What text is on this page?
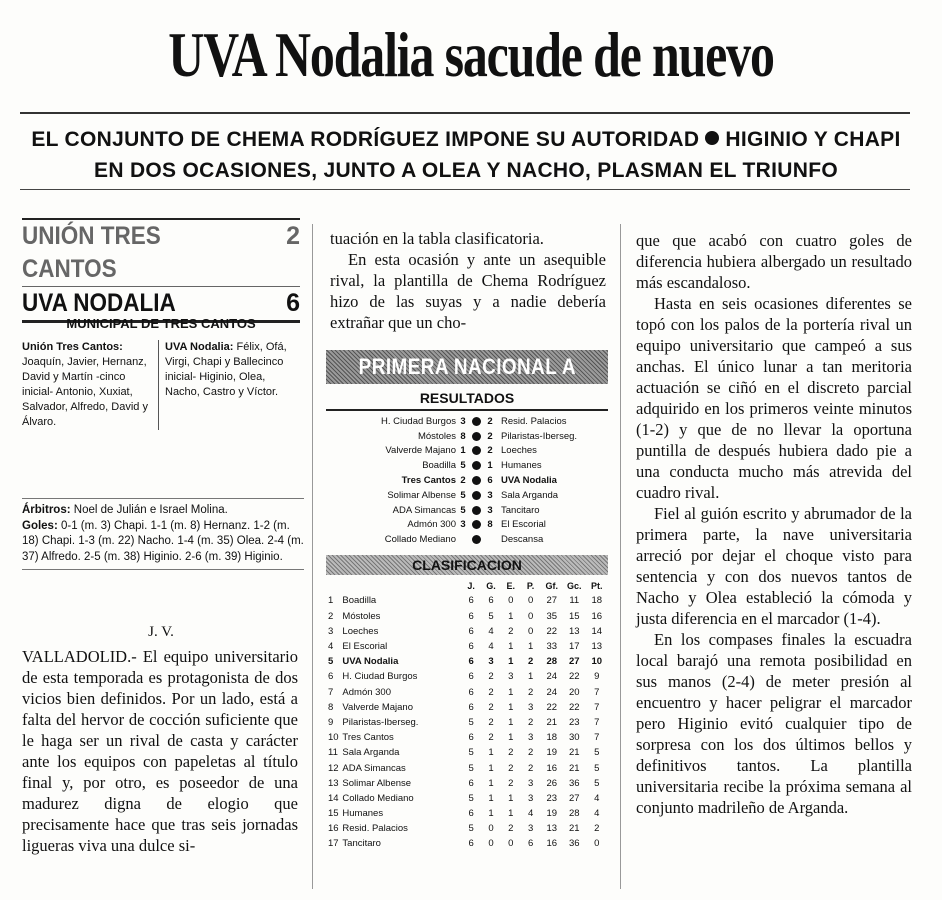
UVA Nodalia sacude de nuevo
EL CONJUNTO DE CHEMA RODRÍGUEZ IMPONE SU AUTORIDAD HIGINIO Y CHAPI EN DOS OCASIONES, JUNTO A OLEA Y NACHO, PLASMAN EL TRIUNFO
UNIÓN TRES CANTOS
2
UVA NODALIA	6
MUNICIPAL DE TRES CANTOS
Unión Tres Cantos: Joaquín, Javier, Hernanz, David y Martín -cinco inicial- Antonio, Xuxiat, Salvador, Alfredo, David y Álvaro.
UVA Nodalia: Félix, Ofá, Virgi, Chapi y Ballecinco inicial- Higinio, Olea, Nacho, Castro y Víctor.
Árbitros: Noel de Julián e Israel Molina.
Goles: 0-1 (m. 3) Chapi. 1-1 (m. 8) Hernanz. 1-2 (m. 18) Chapi. 1-3 (m. 22) Nacho. 1-4 (m. 35) Olea. 2-4 (m. 37) Alfredo. 2-5 (m. 38) Higinio. 2-6 (m. 39) Higinio.
J. V.

VALLADOLID.- El equipo universitario de esta temporada es protagonista de dos vicios bien definidos. Por un lado, está a falta del hervor de cocción suficiente que le haga ser un rival de casta y carácter ante los equipos con papeletas al título final y, por otro, es poseedor de una madurez digna de elogio que precisamente hace que tras seis jornadas ligueras viva una dulce si-

tuación en la tabla clasificatoria.

En esta ocasión y ante un asequible rival, la plantilla de Chema Rodríguez hizo de las suyas y a nadie debería extrañar que un cho-

PRIMERA NACIONAL A
RESULTADOS
H. Ciudad Burgos 3	2 Resid. Palacios
Móstoles 8	2 Pilaristas-Iberseg.
Valverde Majano 1	2 Loeches
Boadilla 5	1 Humanes
Tres Cantos 2	6 UVA Nodalia
Solimar Albense 5	3 Sala Arganda
ADA Simancas 5	3 Tancitaro
Admón 300 3	8 El Escorial
Collado Mediano	Descansa
CLASIFICACION
J.	G.	E.	P.	Gf.	Gc.	Pt.
1 Boadilla	6	6	0	0	27	11	18
2 Móstoles	6	5	1	0	35	15	16
3 Loeches	6	4	2	0	22	13	14
4 El Escorial	6	4	1	1	33	17	13
5 UVA Nodalia	6	3	1	2	28	27	10
6 H. Ciudad Burgos	6	2	3	1	24	22	9
7 Admón 300	6	2	1	2	24	20	7
8 Valverde Majano	6	2	1	3	22	22	7
9 Pilaristas-Iberseg.	5	2	1	2	21	23	7
10 Tres Cantos	6	2	1	3	18	30	7
11 Sala Arganda	5	1	2	2	19	21	5
12 ADA Simancas	5	1	2	2	16	21	5
13 Solimar Albense	6	1	2	3	26	36	5
14 Collado Mediano	5	1	1	3	23	27	4
15 Humanes	6	1	1	4	19	28	4
16 Resid. Palacios	5	0	2	3	13	21	2
17 Tancitaro	6	0	0	6	16	36	0

que que acabó con cuatro goles de diferencia hubiera albergado un resultado más escandaloso.

Hasta en seis ocasiones diferentes se topó con los palos de la portería rival un equipo universitario que campeó a sus anchas. El único lunar a tan meritoria actuación se ciñó en el discreto parcial adquirido en los primeros veinte minutos (1-2) y que de no llevar la oportuna puntilla de después hubiera dado pie a una conducta mucho más atrevida del cuadro rival.

Fiel al guión escrito y abrumador de la primera parte, la nave universitaria arreció por dejar el choque visto para sentencia y con dos nuevos tantos de Nacho y Olea estableció la cómoda y justa diferencia en el marcador (1-4).

En los compases finales la escuadra local barajó una remota posibilidad en sus manos (2-4) de meter presión al encuentro y hacer peligrar el marcador pero Higinio evitó cualquier tipo de sorpresa con los dos últimos bellos y definitivos tantos. La plantilla universitaria recibe la próxima semana al conjunto madrileño de Arganda.
